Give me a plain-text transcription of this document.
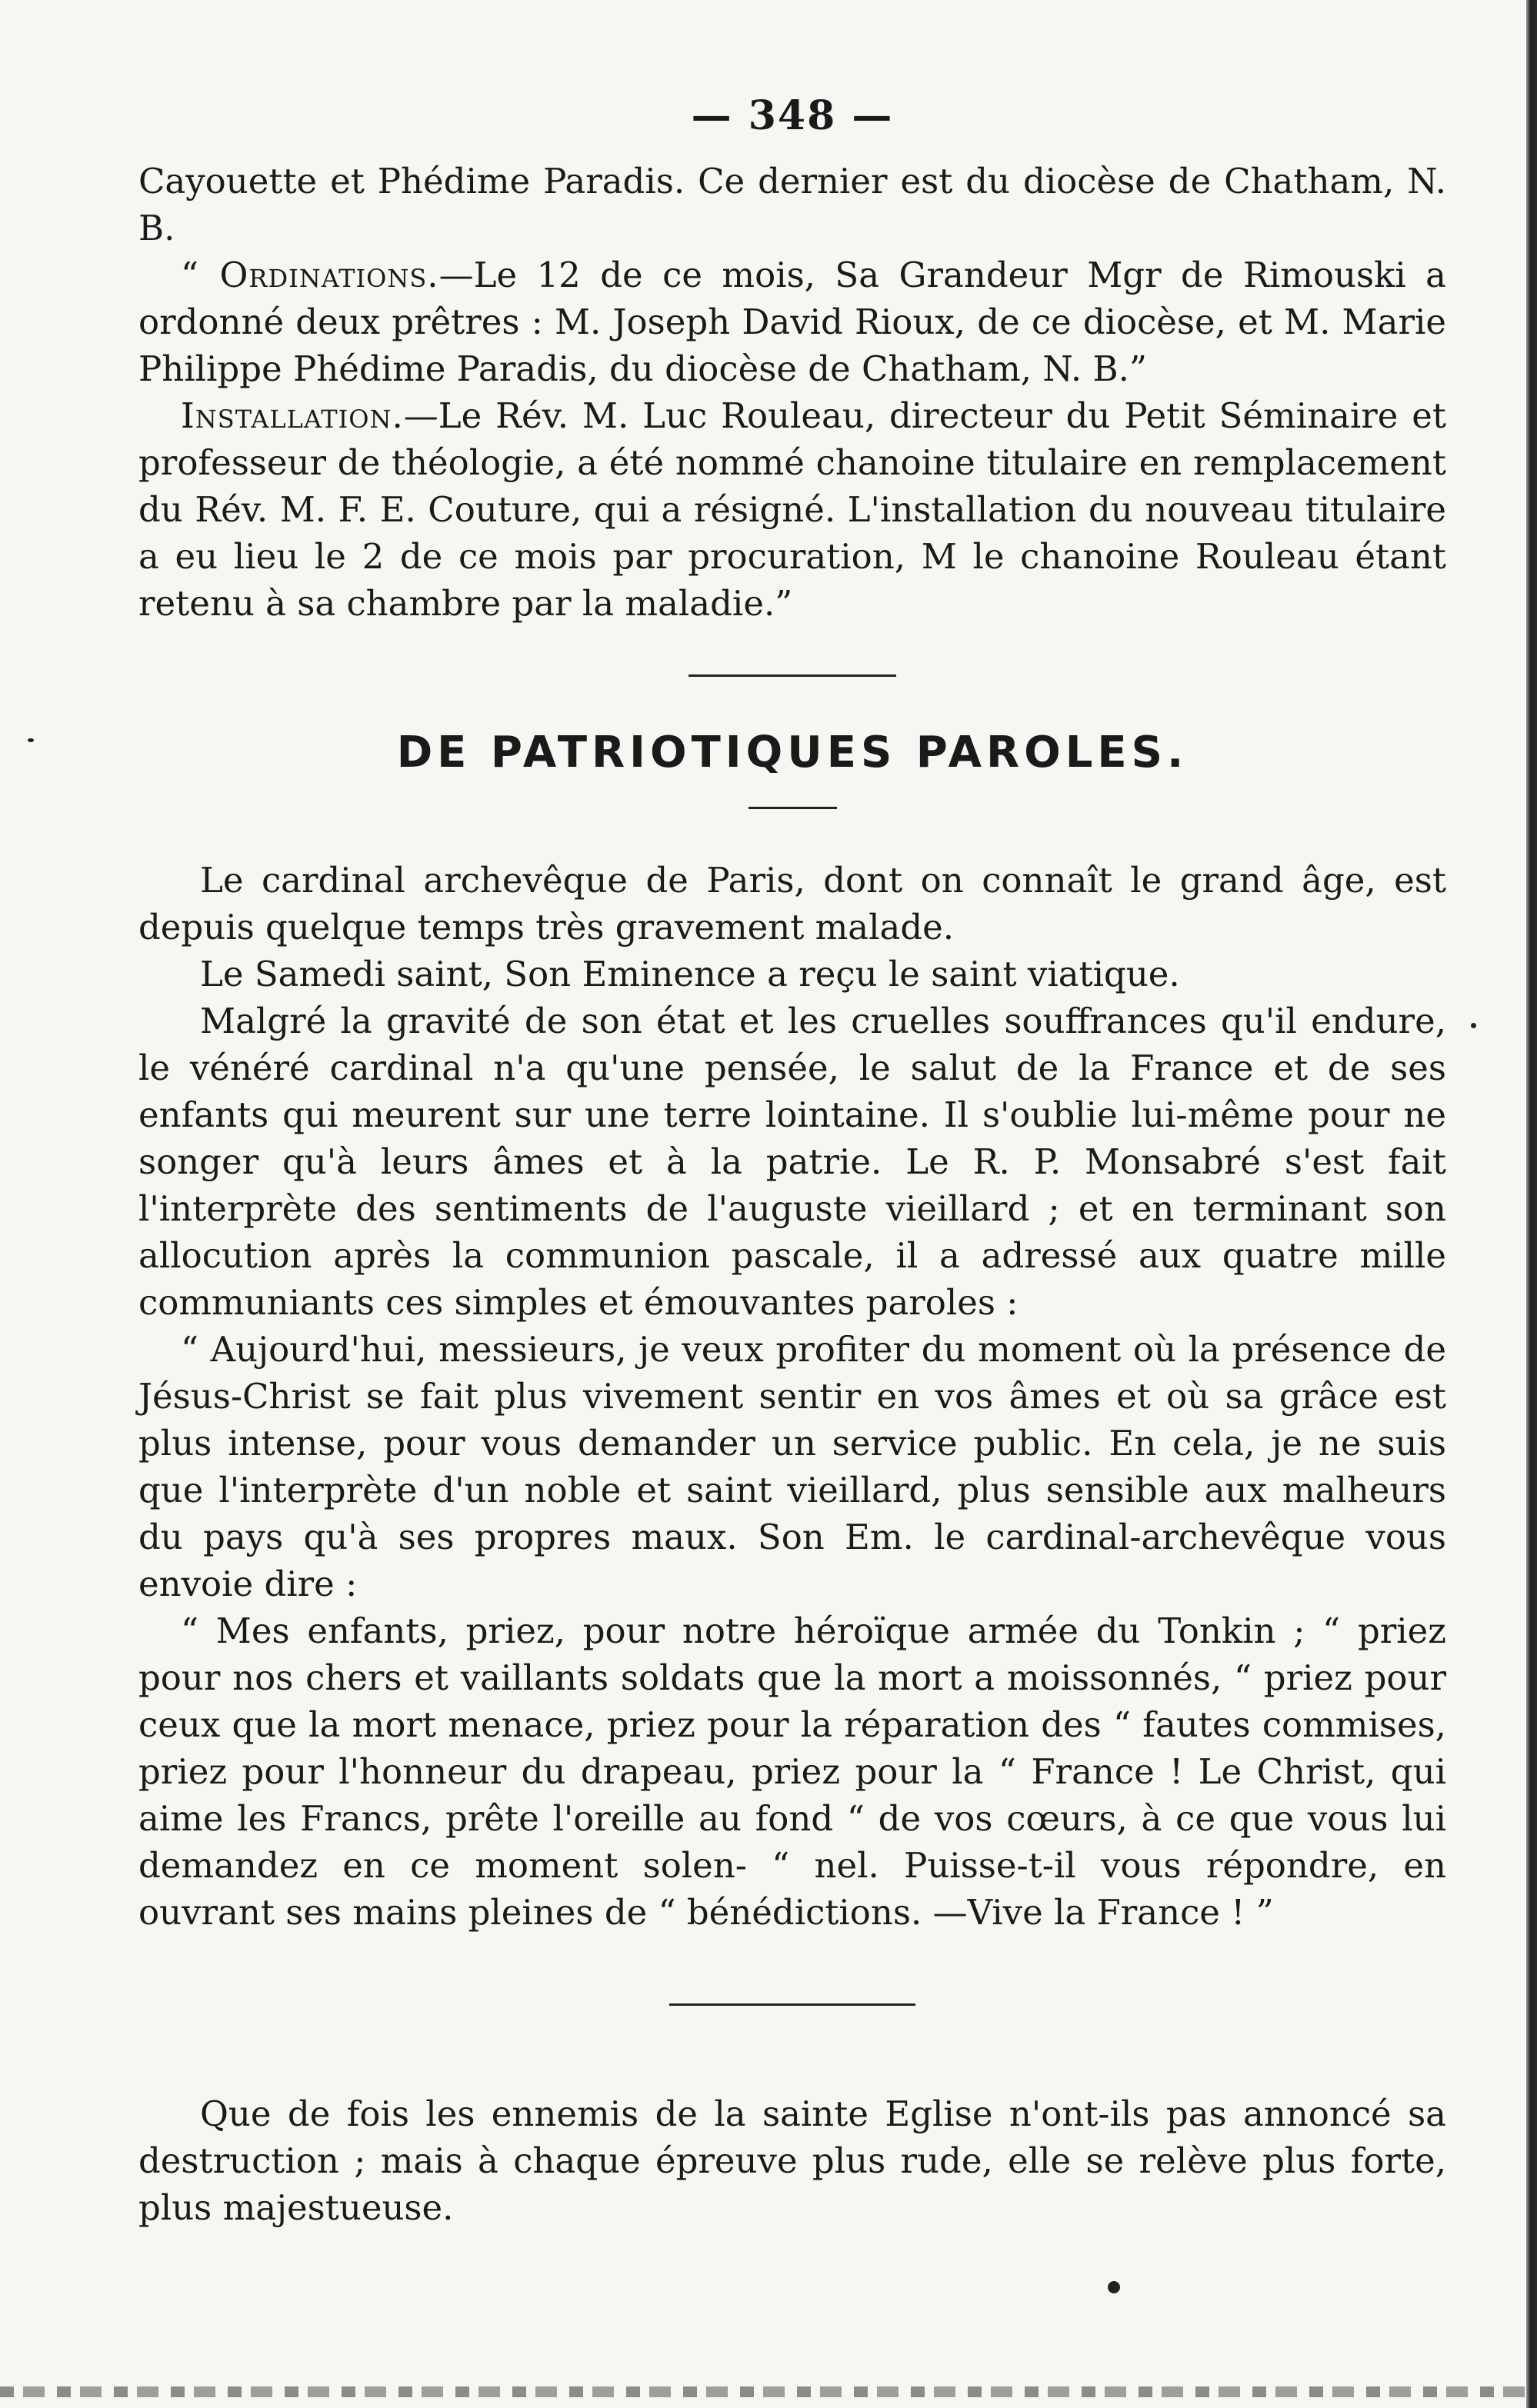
— 348 —

Cayouette et Phédime Paradis. Ce dernier est du diocèse de Chatham, N. B.

“ Ordinations.—Le 12 de ce mois, Sa Grandeur Mgr de Rimouski a ordonné deux prêtres : M. Joseph David Rioux, de ce diocèse, et M. Marie Philippe Phédime Paradis, du diocèse de Chatham, N. B.”

Installation.—Le Rév. M. Luc Rouleau, directeur du Petit Séminaire et professeur de théologie, a été nommé chanoine titulaire en remplacement du Rév. M. F. E. Couture, qui a résigné. L'installation du nouveau titulaire a eu lieu le 2 de ce mois par procuration, M le chanoine Rouleau étant retenu à sa chambre par la maladie.”

DE PATRIOTIQUES PAROLES.

Le cardinal archevêque de Paris, dont on connaît le grand âge, est depuis quelque temps très gravement malade.

Le Samedi saint, Son Eminence a reçu le saint viatique.

Malgré la gravité de son état et les cruelles souffrances qu'il endure, le vénéré cardinal n'a qu'une pensée, le salut de la France et de ses enfants qui meurent sur une terre lointaine. Il s'oublie lui-même pour ne songer qu'à leurs âmes et à la patrie. Le R. P. Monsabré s'est fait l'interprète des sentiments de l'auguste vieillard ; et en terminant son allocution après la communion pascale, il a adressé aux quatre mille communiants ces simples et émouvantes paroles :

“ Aujourd'hui, messieurs, je veux profiter du moment où la présence de Jésus-Christ se fait plus vivement sentir en vos âmes et où sa grâce est plus intense, pour vous demander un service public. En cela, je ne suis que l'interprète d'un noble et saint vieillard, plus sensible aux malheurs du pays qu'à ses propres maux. Son Em. le cardinal-archevêque vous envoie dire :

“ Mes enfants, priez, pour notre héroïque armée du Tonkin ; “ priez pour nos chers et vaillants soldats que la mort a moissonnés, “ priez pour ceux que la mort menace, priez pour la réparation des “ fautes commises, priez pour l'honneur du drapeau, priez pour la “ France ! Le Christ, qui aime les Francs, prête l'oreille au fond “ de vos cœurs, à ce que vous lui demandez en ce moment solen- “ nel. Puisse-t-il vous répondre, en ouvrant ses mains pleines de “ bénédictions. —Vive la France ! ”

Que de fois les ennemis de la sainte Eglise n'ont-ils pas annoncé sa destruction ; mais à chaque épreuve plus rude, elle se relève plus forte, plus majestueuse.
